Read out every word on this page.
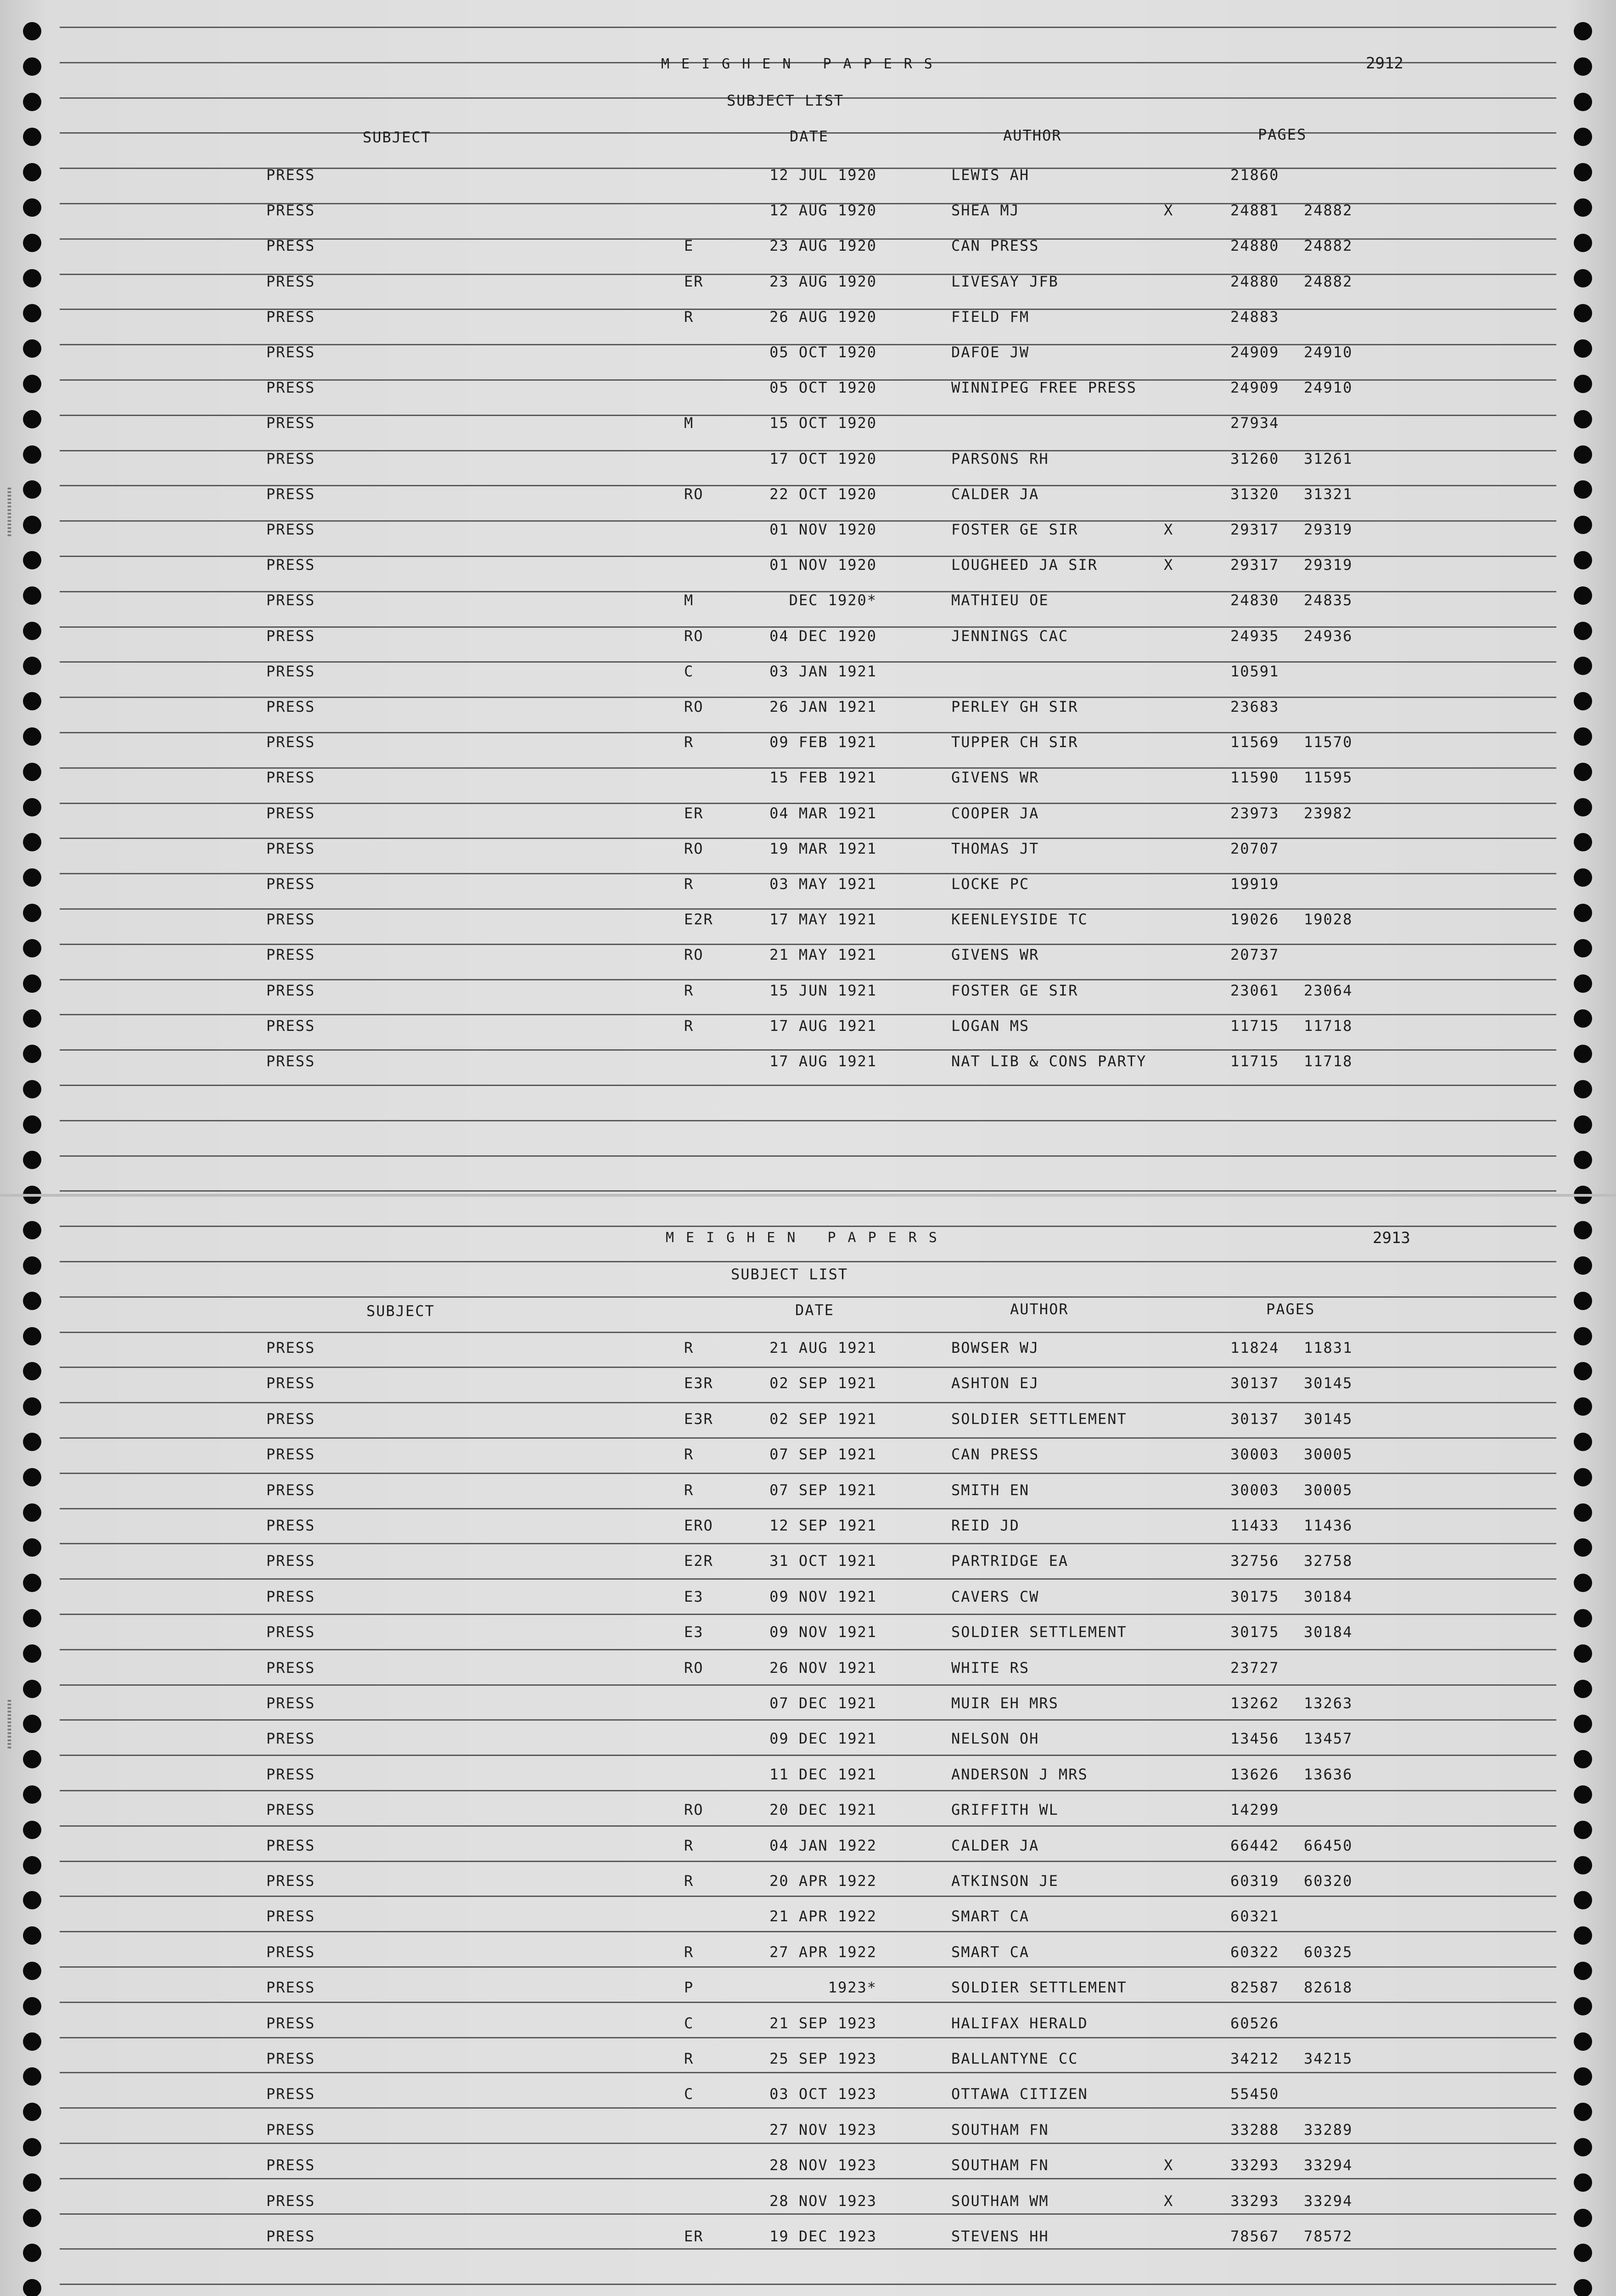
MEIGHEN PAPERS	2912
SUBJECT LIST
SUBJECT	DATE	AUTHOR	PAGES
PRESS	12 JUL 1920	LEWIS AH	21860
PRESS	12 AUG 1920	SHEA MJ	X	24881 24882
PRESS	E	23 AUG 1920	CAN PRESS	24880 24882
PRESS	ER	23 AUG 1920	LIVESAY JFB	24880 24882
PRESS	R	26 AUG 1920	FIELD FM	24883
PRESS	05 OCT 1920	DAFOE JW	24909 24910
PRESS	05 OCT 1920	WINNIPEG FREE PRESS	24909 24910
PRESS	M	15 OCT 1920	27934
PRESS	17 OCT 1920	PARSONS RH	31260 31261
PRESS	RO	22 OCT 1920	CALDER JA	31320 31321
PRESS	01 NOV 1920	FOSTER GE SIR	X	29317 29319
PRESS	01 NOV 1920	LOUGHEED JA SIR	X	29317 29319
PRESS	M	DEC 1920*	MATHIEU OE	24830 24835
PRESS	RO	04 DEC 1920	JENNINGS CAC	24935 24936
PRESS	C	03 JAN 1921	10591
PRESS	RO	26 JAN 1921	PERLEY GH SIR	23683
PRESS	R	09 FEB 1921	TUPPER CH SIR	11569 11570
PRESS	15 FEB 1921	GIVENS WR	11590 11595
PRESS	ER	04 MAR 1921	COOPER JA	23973 23982
PRESS	RO	19 MAR 1921	THOMAS JT	20707
PRESS	R	03 MAY 1921	LOCKE PC	19919
PRESS	E2R	17 MAY 1921	KEENLEYSIDE TC	19026 19028
PRESS	RO	21 MAY 1921	GIVENS WR	20737
PRESS	R	15 JUN 1921	FOSTER GE SIR	23061 23064
PRESS	R	17 AUG 1921	LOGAN MS	11715 11718
PRESS	17 AUG 1921	NAT LIB & CONS PARTY	11715 11718
MEIGHEN PAPERS	2913
SUBJECT LIST
SUBJECT	DATE	AUTHOR	PAGES
PRESS	R	21 AUG 1921	BOWSER WJ	11824 11831
PRESS	E3R	02 SEP 1921	ASHTON EJ	30137 30145
PRESS	E3R	02 SEP 1921	SOLDIER SETTLEMENT	30137 30145
PRESS	R	07 SEP 1921	CAN PRESS	30003 30005
PRESS	R	07 SEP 1921	SMITH EN	30003 30005
PRESS	ERO	12 SEP 1921	REID JD	11433 11436
PRESS	E2R	31 OCT 1921	PARTRIDGE EA	32756 32758
PRESS	E3	09 NOV 1921	CAVERS CW	30175 30184
PRESS	E3	09 NOV 1921	SOLDIER SETTLEMENT	30175 30184
PRESS	RO	26 NOV 1921	WHITE RS	23727
PRESS	07 DEC 1921	MUIR EH MRS	13262 13263
PRESS	09 DEC 1921	NELSON OH	13456 13457
PRESS	11 DEC 1921	ANDERSON J MRS	13626 13636
PRESS	RO	20 DEC 1921	GRIFFITH WL	14299
PRESS	R	04 JAN 1922	CALDER JA	66442 66450
PRESS	R	20 APR 1922	ATKINSON JE	60319 60320
PRESS	21 APR 1922	SMART CA	60321
PRESS	R	27 APR 1922	SMART CA	60322 60325
PRESS	P	1923*	SOLDIER SETTLEMENT	82587 82618
PRESS	C	21 SEP 1923	HALIFAX HERALD	60526
PRESS	R	25 SEP 1923	BALLANTYNE CC	34212 34215
PRESS	C	03 OCT 1923	OTTAWA CITIZEN	55450
PRESS	27 NOV 1923	SOUTHAM FN	33288 33289
PRESS	28 NOV 1923	SOUTHAM FN	X	33293 33294
PRESS	28 NOV 1923	SOUTHAM WM	X	33293 33294
PRESS	ER	19 DEC 1923	STEVENS HH	78567 78572
▮▮▮▮▮▮▮▮▮▮▮▮▮▮
▮▮▮▮▮▮▮▮▮▮▮▮▮▮
